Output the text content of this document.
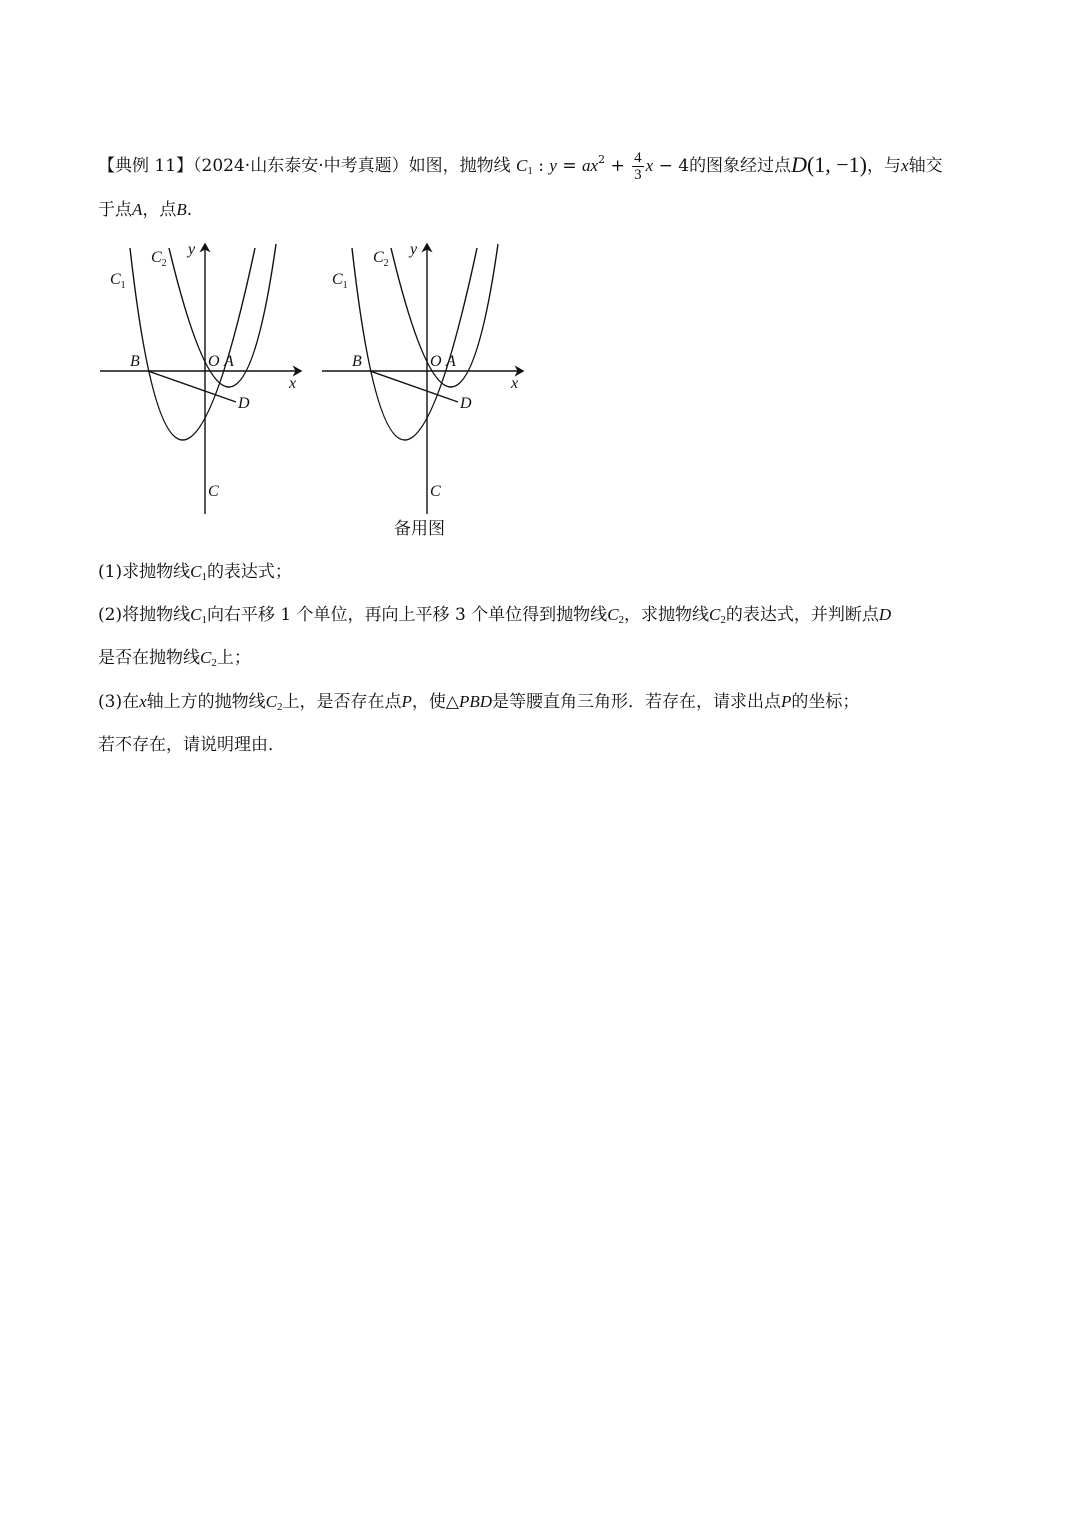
【典例 11】（2024·山东泰安·中考真题）如图，抛物线 $C_1$ : $y = ax^2 + \frac{4}{3}$ x − 4的图象经过点D(1, −1)，与x轴交
于点A，点B.
$C_1$
$C_2$
y
x
O A
B
C
D
$C_1$
$C_2$
y
x
O A
B
C
D
备用图
(1)求抛物线$C_1$的表达式；
(2)将抛物线$C_1$向右平移 1 个单位，再向上平移 3 个单位得到抛物线$C_2$，求抛物线$C_2$的表达式，并判断点D
是否在抛物线$C_2$上；
(3)在x轴上方的抛物线$C_2$上，是否存在点P，使△PBD是等腰直角三角形．若存在，请求出点P的坐标；
若不存在，请说明理由．
